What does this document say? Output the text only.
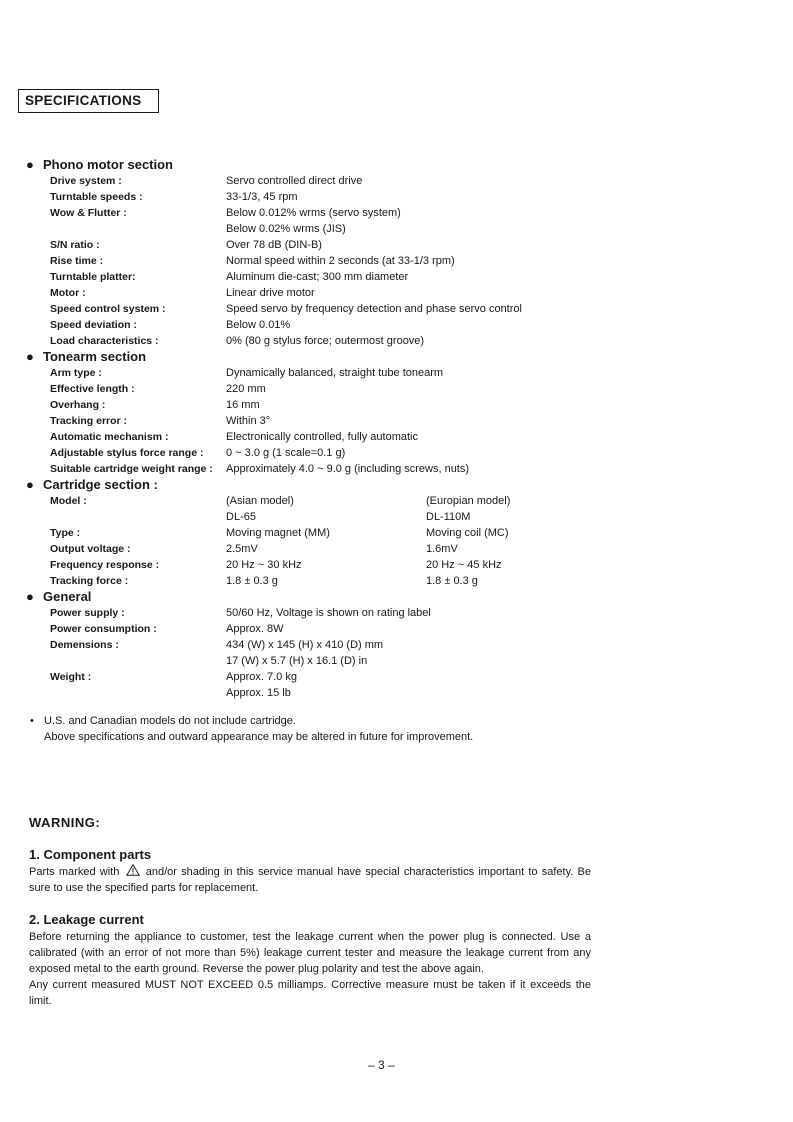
SPECIFICATIONS
● Phono motor section
Drive system :	Servo controlled direct drive
Turntable speeds :	33-1/3, 45 rpm
Wow & Flutter :	Below 0.012% wrms (servo system)
Below 0.02% wrms (JIS)
S/N ratio :	Over 78 dB (DIN-B)
Rise time :	Normal speed within 2 seconds (at 33-1/3 rpm)
Turntable platter:	Aluminum die-cast; 300 mm diameter
Motor :	Linear drive motor
Speed control system :	Speed servo by frequency detection and phase servo control
Speed deviation :	Below 0.01%
Load characteristics :	0% (80 g stylus force; outermost groove)
● Tonearm section
Arm type :	Dynamically balanced, straight tube tonearm
Effective length :	220 mm
Overhang :	16 mm
Tracking error :	Within 3°
Automatic mechanism :	Electronically controlled, fully automatic
Adjustable stylus force range :	0 ~ 3.0 g (1 scale=0.1 g)
Suitable cartridge weight range :	Approximately 4.0 ~ 9.0 g (including screws, nuts)
● Cartridge section :
Model :	(Asian model)	(Europian model)
DL-65	DL-110M
Type :	Moving magnet (MM)	Moving coil (MC)
Output voltage :	2.5mV	1.6mV
Frequency response :	20 Hz ~ 30 kHz	20 Hz ~ 45 kHz
Tracking force :	1.8 ± 0.3 g	1.8 ± 0.3 g
● General
Power supply :	50/60 Hz, Voltage is shown on rating label
Power consumption :	Approx. 8W
Demensions :	434 (W) x 145 (H) x 410 (D) mm
17 (W) x 5.7 (H) x 16.1 (D) in
Weight :	Approx. 7.0 kg
Approx. 15 lb
• U.S. and Canadian models do not include cartridge.
Above specifications and outward appearance may be altered in future for improvement.
WARNING:
1. Component parts

Parts marked with and/or shading in this service manual have special characteristics important to safety. Be sure to use the specified parts for replacement.

2. Leakage current

Before returning the appliance to customer, test the leakage current when the power plug is connected. Use a calibrated (with an error of not more than 5%) leakage current tester and measure the leakage current from any exposed metal to the earth ground. Reverse the power plug polarity and test the above again.

Any current measured MUST NOT EXCEED 0.5 milliamps. Corrective measure must be taken if it exceeds the limit.

– 3 –
